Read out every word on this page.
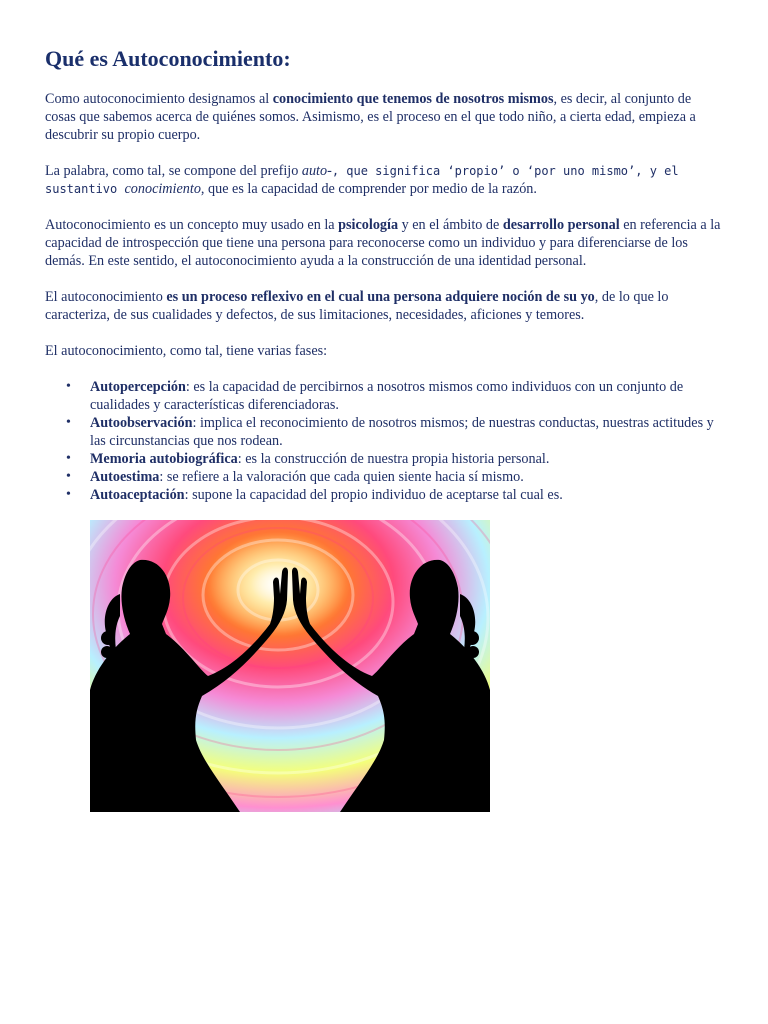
Qué es Autoconocimiento:

Como autoconocimiento designamos al conocimiento que tenemos de nosotros mismos, es decir, al conjunto de cosas que sabemos acerca de quiénes somos. Asimismo, es el proceso en el que todo niño, a cierta edad, empieza a descubrir su propio cuerpo.

La palabra, como tal, se compone del prefijo auto-, que significa ‘propio’ o ‘por uno mismo’, y el sustantivo conocimiento, que es la capacidad de comprender por medio de la razón.

Autoconocimiento es un concepto muy usado en la psicología y en el ámbito de desarrollo personal en referencia a la capacidad de introspección que tiene una persona para reconocerse como un individuo y para diferenciarse de los demás. En este sentido, el autoconocimiento ayuda a la construcción de una identidad personal.

El autoconocimiento es un proceso reflexivo en el cual una persona adquiere noción de su yo, de lo que lo caracteriza, de sus cualidades y defectos, de sus limitaciones, necesidades, aficiones y temores.

El autoconocimiento, como tal, tiene varias fases:

• Autopercepción: es la capacidad de percibirnos a nosotros mismos como individuos con un conjunto de cualidades y características diferenciadoras.
• Autoobservación: implica el reconocimiento de nosotros mismos; de nuestras conductas, nuestras actitudes y las circunstancias que nos rodean.
• Memoria autobiográfica: es la construcción de nuestra propia historia personal.
• Autoestima: se refiere a la valoración que cada quien siente hacia sí mismo.
• Autoaceptación: supone la capacidad del propio individuo de aceptarse tal cual es.
